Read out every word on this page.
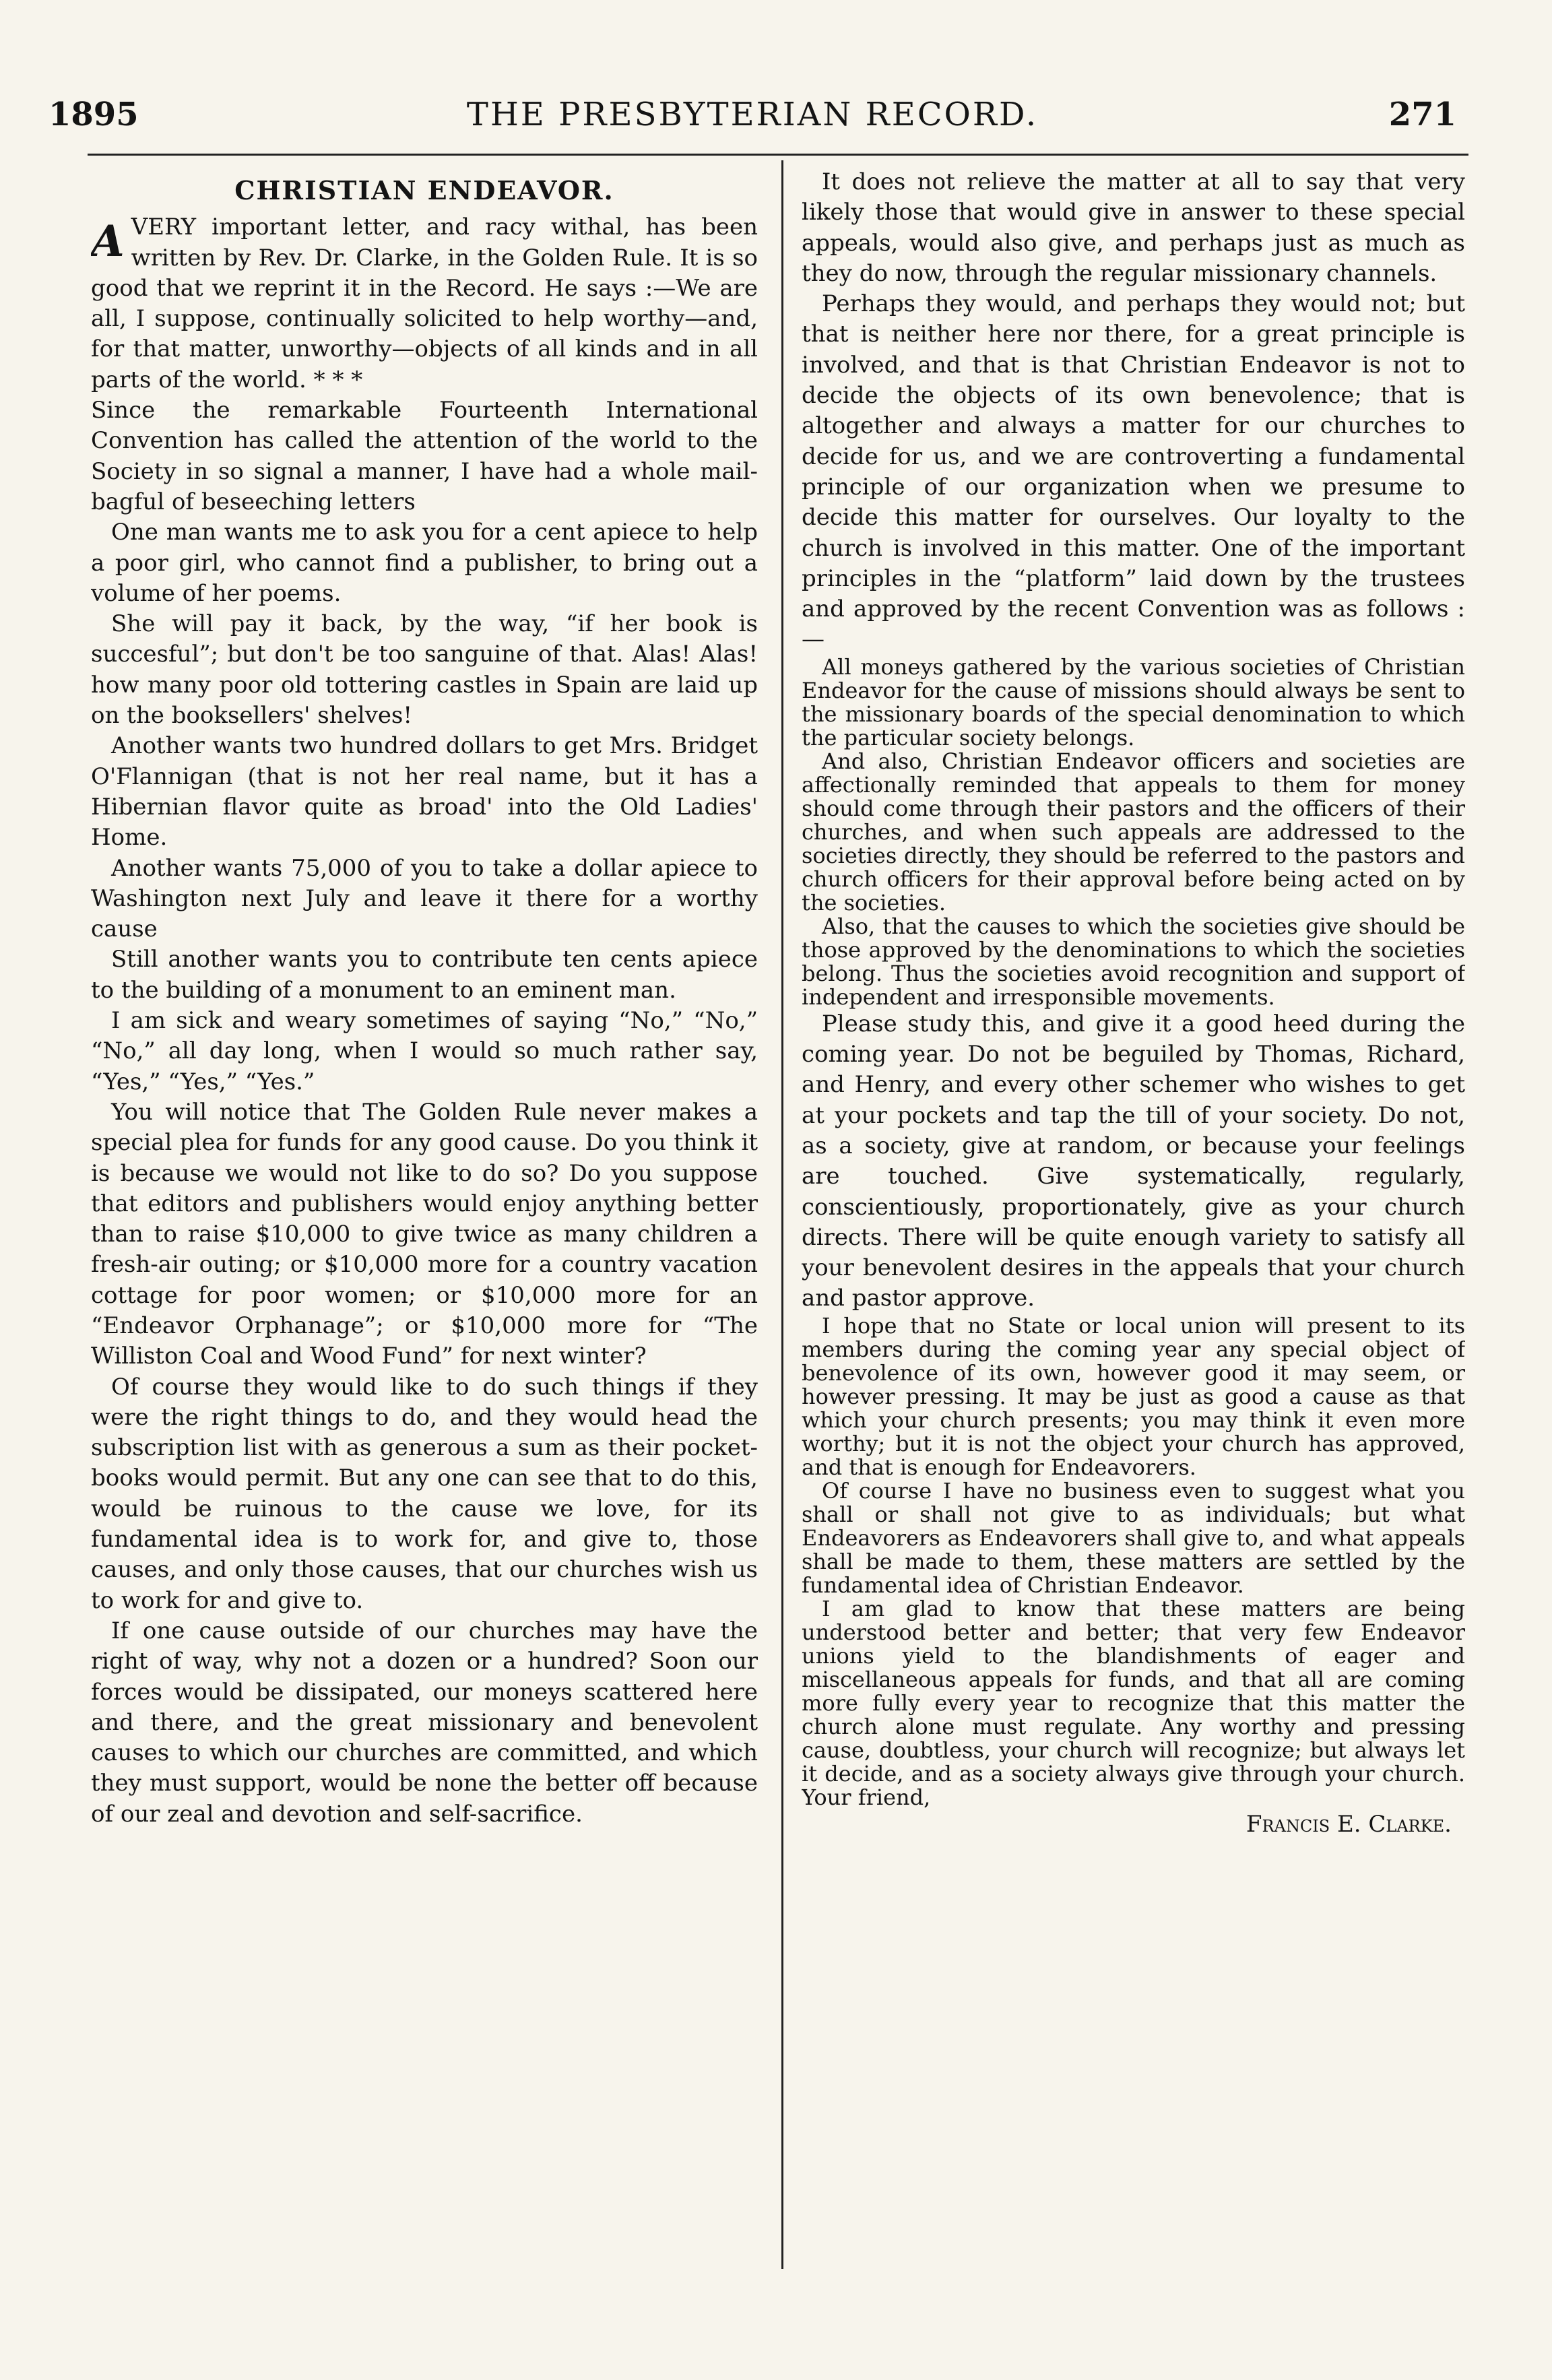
1895	THE PRESBYTERIAN RECORD.	271

CHRISTIAN ENDEAVOR.

AVERY important letter, and racy withal, has been written by Rev. Dr. Clarke, in the Golden Rule. It is so good that we reprint it in the Record. He says :—We are all, I suppose, continually solicited to help worthy—and, for that matter, unworthy—objects of all kinds and in all parts of the world. * * *

Since the remarkable Fourteenth International Convention has called the attention of the world to the Society in so signal a manner, I have had a whole mail-bagful of beseeching letters

One man wants me to ask you for a cent apiece to help a poor girl, who cannot find a publisher, to bring out a volume of her poems.

She will pay it back, by the way, “if her book is succesful”; but don't be too sanguine of that. Alas! Alas! how many poor old tottering castles in Spain are laid up on the booksellers' shelves!

Another wants two hundred dollars to get Mrs. Bridget O'Flannigan (that is not her real name, but it has a Hibernian flavor quite as broad' into the Old Ladies' Home.

Another wants 75,000 of you to take a dollar apiece to Washington next July and leave it there for a worthy cause

Still another wants you to contribute ten cents apiece to the building of a monument to an eminent man.

I am sick and weary sometimes of saying “No,” “No,” “No,” all day long, when I would so much rather say, “Yes,” “Yes,” “Yes.”

You will notice that The Golden Rule never makes a special plea for funds for any good cause. Do you think it is because we would not like to do so? Do you suppose that editors and publishers would enjoy anything better than to raise $10,000 to give twice as many children a fresh-air outing; or $10,000 more for a country vacation cottage for poor women; or $10,000 more for an “Endeavor Orphanage”; or $10,000 more for “The Williston Coal and Wood Fund” for next winter?

Of course they would like to do such things if they were the right things to do, and they would head the subscription list with as generous a sum as their pocket-books would permit. But any one can see that to do this, would be ruinous to the cause we love, for its fundamental idea is to work for, and give to, those causes, and only those causes, that our churches wish us to work for and give to.

If one cause outside of our churches may have the right of way, why not a dozen or a hundred? Soon our forces would be dissipated, our moneys scattered here and there, and the great missionary and benevolent causes to which our churches are committed, and which they must support, would be none the better off because of our zeal and devotion and self-sacrifice.

It does not relieve the matter at all to say that very likely those that would give in answer to these special appeals, would also give, and perhaps just as much as they do now, through the regular missionary channels.

Perhaps they would, and perhaps they would not; but that is neither here nor there, for a great principle is involved, and that is that Christian Endeavor is not to decide the objects of its own benevolence; that is altogether and always a matter for our churches to decide for us, and we are controverting a fundamental principle of our organization when we presume to decide this matter for ourselves. Our loyalty to the church is involved in this matter. One of the important principles in the “platform” laid down by the trustees and approved by the recent Convention was as follows :—

All moneys gathered by the various societies of Christian Endeavor for the cause of missions should always be sent to the missionary boards of the special denomination to which the particular society belongs.

And also, Christian Endeavor officers and societies are affectionally reminded that appeals to them for money should come through their pastors and the officers of their churches, and when such appeals are addressed to the societies directly, they should be referred to the pastors and church officers for their approval before being acted on by the societies.

Also, that the causes to which the societies give should be those approved by the denominations to which the societies belong. Thus the societies avoid recognition and support of independent and irresponsible movements.

Please study this, and give it a good heed during the coming year. Do not be beguiled by Thomas, Richard, and Henry, and every other schemer who wishes to get at your pockets and tap the till of your society. Do not, as a society, give at random, or because your feelings are touched. Give systematically, regularly, conscientiously, proportionately, give as your church directs. There will be quite enough variety to satisfy all your benevolent desires in the appeals that your church and pastor approve.

I hope that no State or local union will present to its members during the coming year any special object of benevolence of its own, however good it may seem, or however pressing. It may be just as good a cause as that which your church presents; you may think it even more worthy; but it is not the object your church has approved, and that is enough for Endeavorers.

Of course I have no business even to suggest what you shall or shall not give to as individuals; but what Endeavorers as Endeavorers shall give to, and what appeals shall be made to them, these matters are settled by the fundamental idea of Christian Endeavor.

I am glad to know that these matters are being understood better and better; that very few Endeavor unions yield to the blandishments of eager and miscellaneous appeals for funds, and that all are coming more fully every year to recognize that this matter the church alone must regulate. Any worthy and pressing cause, doubtless, your church will recognize; but always let it decide, and as a society always give through your church. Your friend,

Francis E. Clarke.
